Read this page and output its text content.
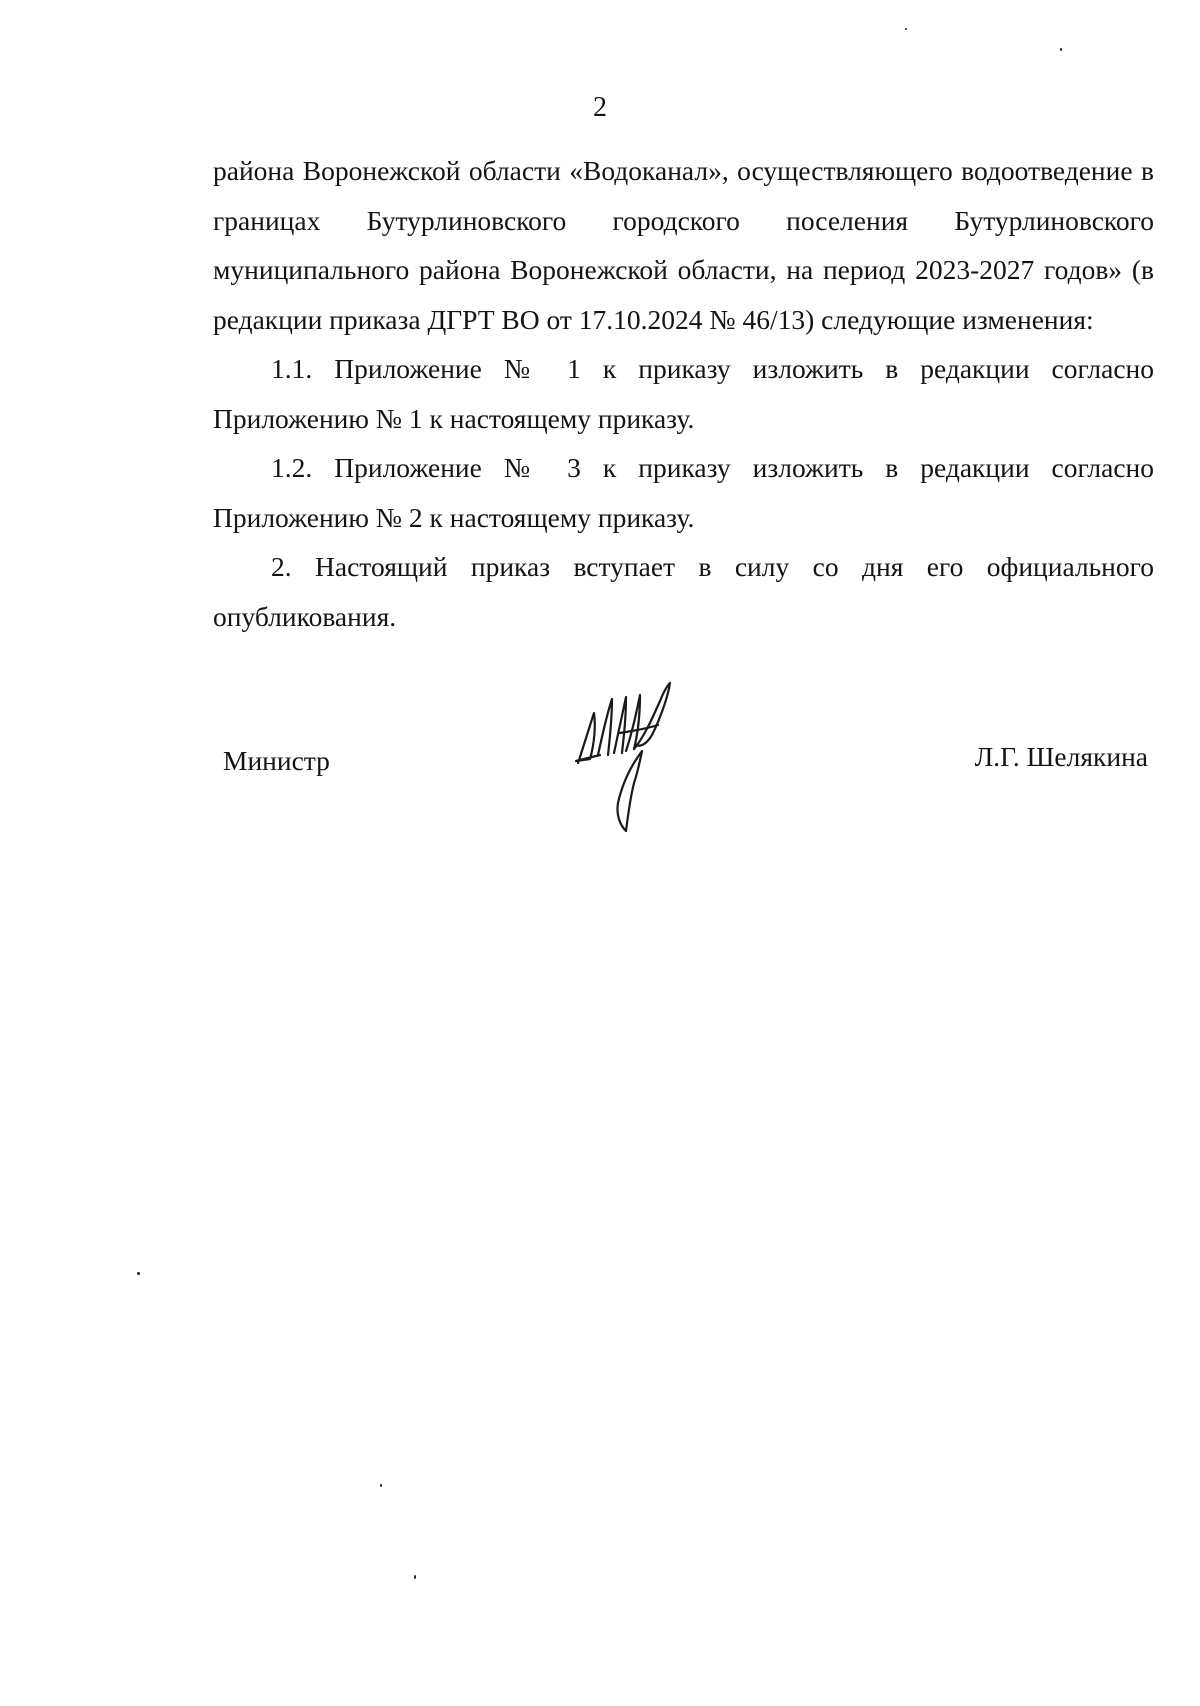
2

района Воронежской области «Водоканал», осуществляющего водоотведение в границах Бутурлиновского городского поселения Бутурлиновского муниципального района Воронежской области, на период 2023-2027 годов» (в редакции приказа ДГРТ ВО от 17.10.2024 № 46/13) следующие изменения:

1.1. Приложение № 1 к приказу изложить в редакции согласно Приложению № 1 к настоящему приказу.

1.2. Приложение № 3 к приказу изложить в редакции согласно Приложению № 2 к настоящему приказу.

2. Настоящий приказ вступает в силу со дня его официального опубликования.

Министр	Л.Г. Шелякина
